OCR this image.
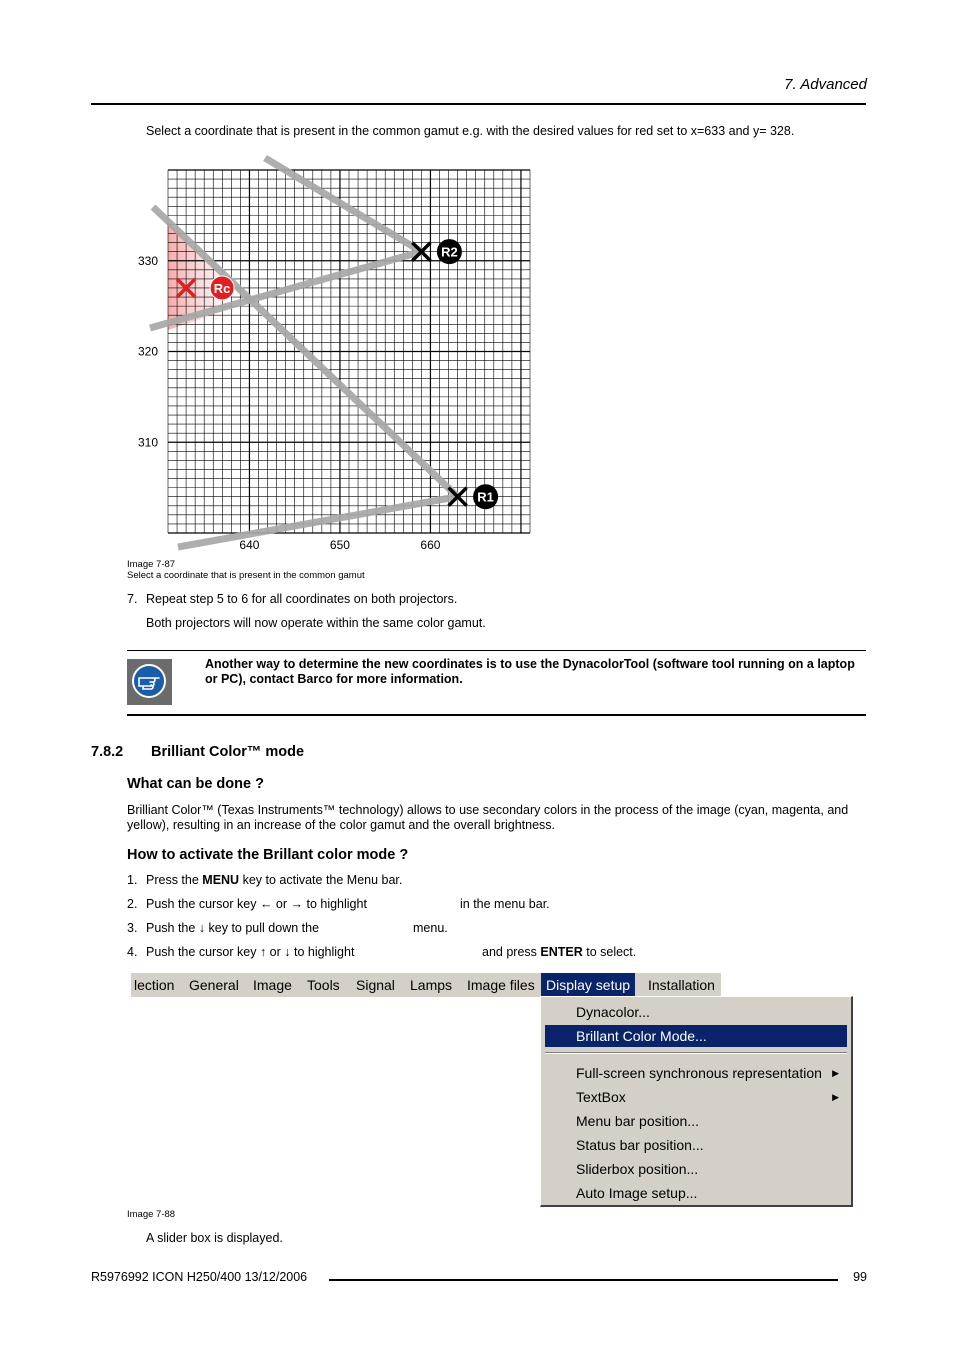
7. Advanced
Select a coordinate that is present in the common gamut e.g. with the desired values for red set to x=633 and y= 328.
640	650	660
310
320
330
R2
R1
Rc
Image 7-87
Select a coordinate that is present in the common gamut
7. Repeat step 5 to 6 for all coordinates on both projectors.
Both projectors will now operate within the same color gamut.
Another way to determine the new coordinates is to use the DynacolorTool (software tool running on a laptop or PC), contact Barco for more information.
7.8.2 Brilliant Color™ mode
What can be done ?
Brilliant Color™ (Texas Instruments™ technology) allows to use secondary colors in the process of the image (cyan, magenta, and yellow), resulting in an increase of the color gamut and the overall brightness.
How to activate the Brillant color mode ?
1. Press the MENU key to activate the Menu bar.
2. Push the cursor key ← or → to highlight	in the menu bar.
3. Push the ↓ key to pull down the	menu.
4. Push the cursor key ↑ or ↓ to highlight	and press ENTER to select.
lection General Image Tools Signal Lamps Image files Display setup	Installation
Dynacolor...
Brillant Color Mode...
Full-screen synchronous representation ▶
TextBox	▶
Menu bar position...
Status bar position...
Sliderbox position...
Auto Image setup...
Image 7-88
A slider box is displayed.
R5976992 ICON H250/400 13/12/2006	99
